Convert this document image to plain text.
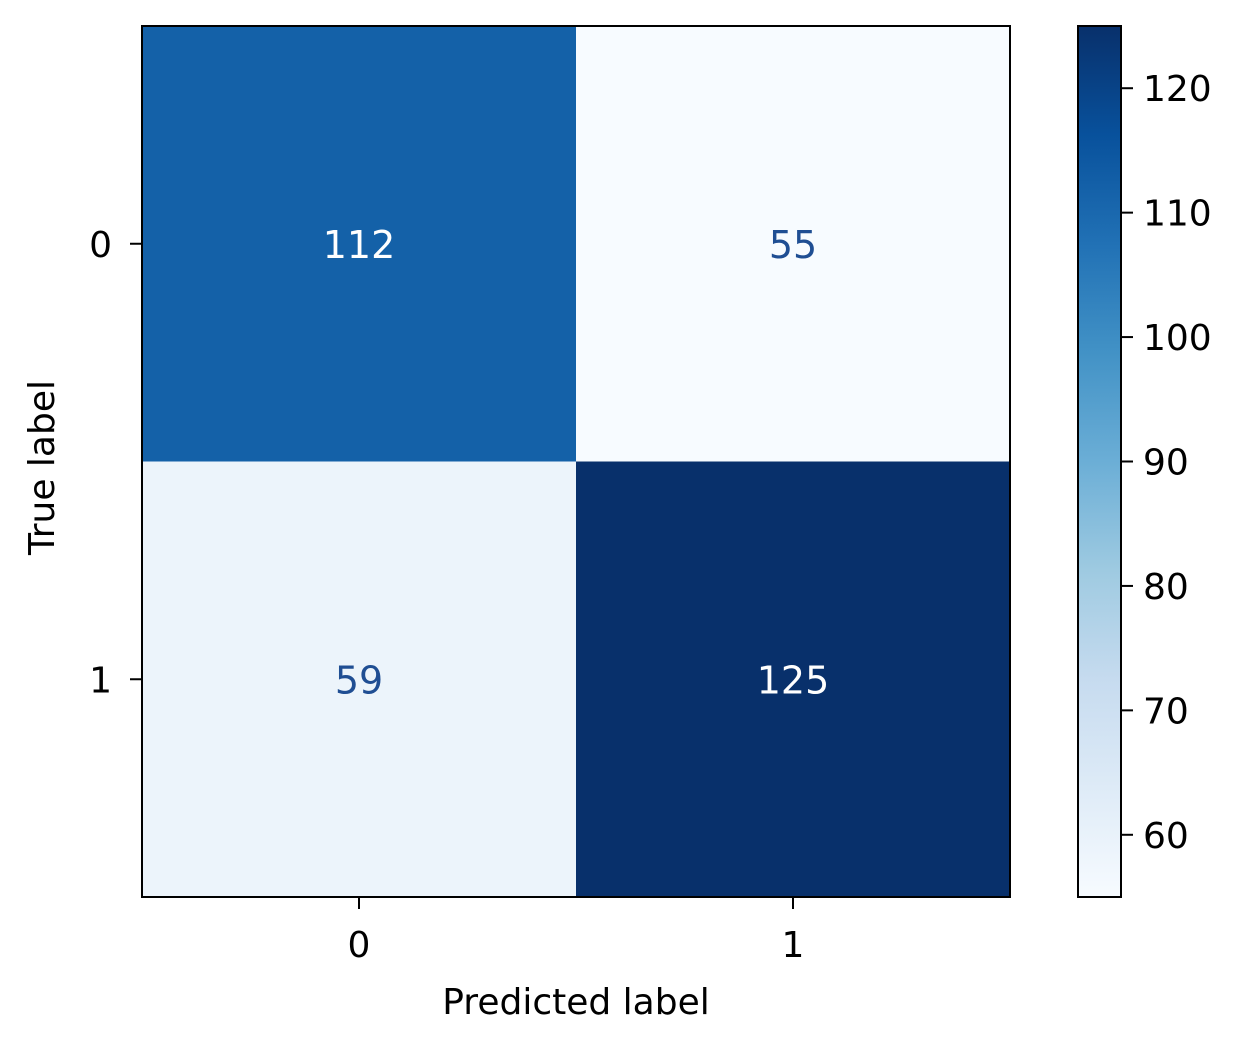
112	55
59	125
0	1
0
1
Predicted label
True label
60
70
80
90
100
110
120
